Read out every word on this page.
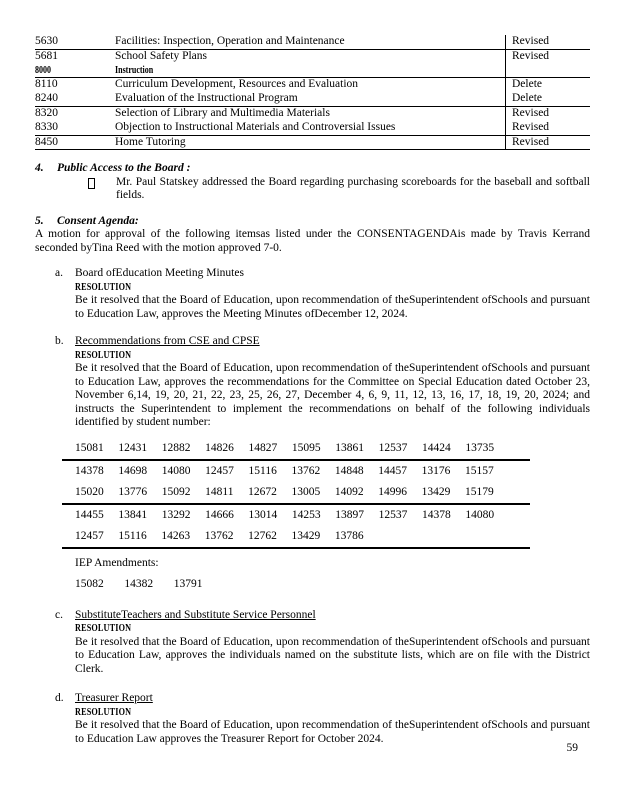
5630	Facilities: Inspection, Operation and Maintenance	Revised
5681	School Safety Plans	Revised
8000	Instruction
8110	Curriculum Development, Resources and Evaluation	Delete
8240	Evaluation of the Instructional Program	Delete
8320	Selection of Library and Multimedia Materials	Revised
8330	Objection to Instructional Materials and Controversial Issues	Revised
8450	Home Tutoring	Revised
4. Public Access to the Board :
Mr. Paul Statskey addressed the Board regarding purchasing scoreboards for the baseball and softball fields.
5. Consent Agenda:
A motion for approval of the following itemsas listed under the CONSENTAGENDAis made by Travis Kerrand seconded byTina Reed with the motion approved 7-0.
a.	Board ofEducation Meeting Minutes
RESOLUTION
Be it resolved that the Board of Education, upon recommendation of theSuperintendent ofSchools and pursuant to Education Law, approves the Meeting Minutes ofDecember 12, 2024.
b. Recommendations from CSE and CPSE
RESOLUTION
Be it resolved that the Board of Education, upon recommendation of theSuperintendent ofSchools and pursuant to Education Law, approves the recommendations for the Committee on Special Education dated October 23, November 6,14, 19, 20, 21, 22, 23, 25, 26, 27, December 4, 6, 9, 11, 12, 13, 16, 17, 18, 19, 20, 2024; and instructs the Superintendent to implement the recommendations on behalf of the following individuals identified by student number:
15081   12431   12882   14826   14827   15095   13861   12537   14424   13735
14378   14698   14080   12457   15116   13762   14848   14457   13176   15157
15020   13776   15092   14811   12672   13005   14092   14996   13429   15179
14455   13841   13292   14666   13014   14253   13897   12537   14378   14080
12457   15116   14263   13762   12762   13429   13786
IEP Amendments:
15082   14382   13791
c.	SubstituteTeachers and Substitute Service Personnel
RESOLUTION
Be it resolved that the Board of Education, upon recommendation of theSuperintendent ofSchools and pursuant to Education Law, approves the individuals named on the substitute lists, which are on file with the District Clerk.
d. Treasurer Report
RESOLUTION
Be it resolved that the Board of Education, upon recommendation of theSuperintendent ofSchools and pursuant to Education Law approves the Treasurer Report for October 2024.
59
